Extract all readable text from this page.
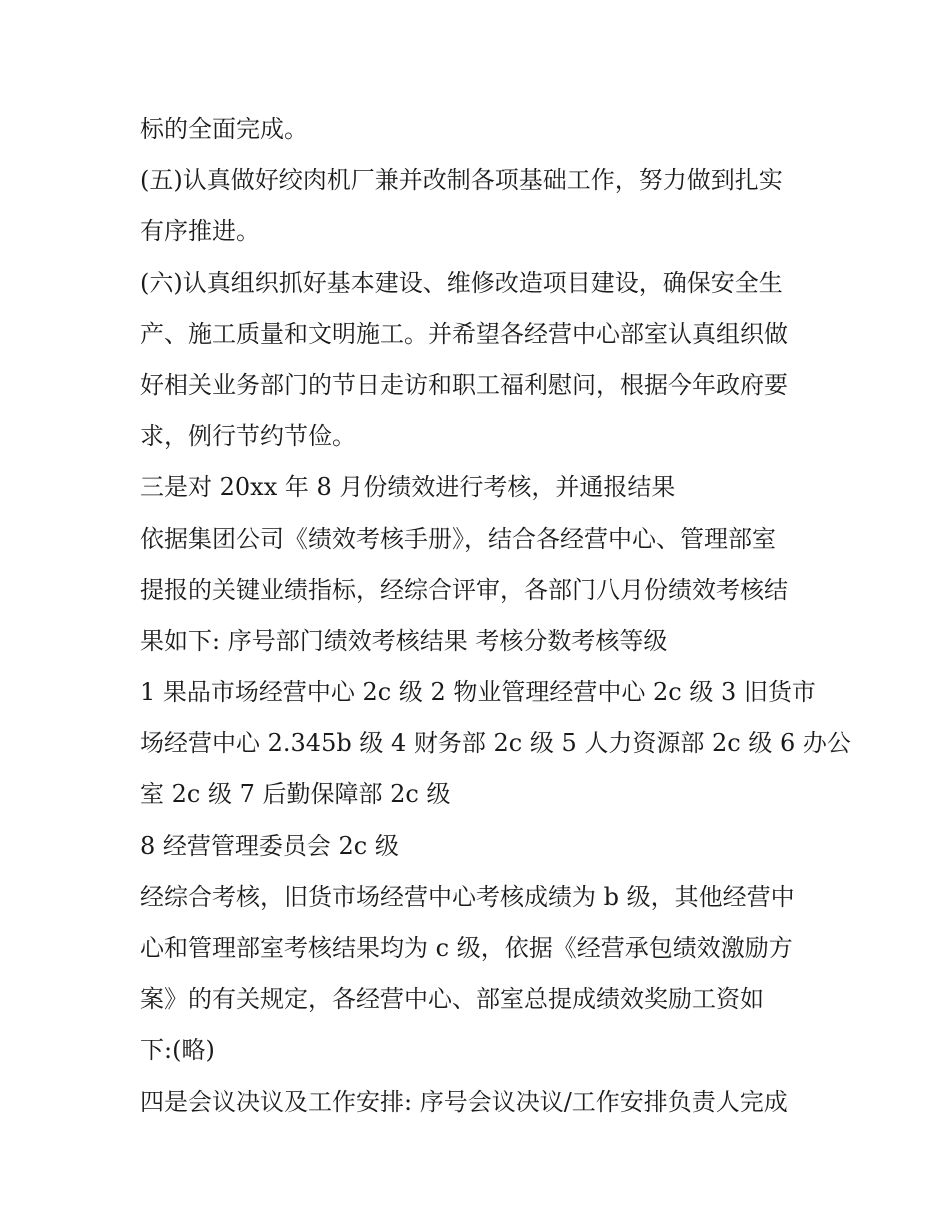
标的全面完成。
(五)认真做好绞肉机厂兼并改制各项基础工作，努力做到扎实
有序推进。
(六)认真组织抓好基本建设、维修改造项目建设，确保安全生
产、施工质量和文明施工。并希望各经营中心部室认真组织做
好相关业务部门的节日走访和职工福利慰问，根据今年政府要
求，例行节约节俭。
三是对 20xx 年 8 月份绩效进行考核，并通报结果
依据集团公司《绩效考核手册》，结合各经营中心、管理部室
提报的关键业绩指标，经综合评审，各部门八月份绩效考核结
果如下: 序号部门绩效考核结果 考核分数考核等级
1 果品市场经营中心 2c 级 2 物业管理经营中心 2c 级 3 旧货市
场经营中心 2.345b 级 4 财务部 2c 级 5 人力资源部 2c 级 6 办公
室 2c 级 7 后勤保障部 2c 级
8 经营管理委员会 2c 级
经综合考核，旧货市场经营中心考核成绩为 b 级，其他经营中
心和管理部室考核结果均为 c 级，依据《经营承包绩效激励方
案》的有关规定，各经营中心、部室总提成绩效奖励工资如
下:(略)
四是会议决议及工作安排: 序号会议决议/工作安排负责人完成
